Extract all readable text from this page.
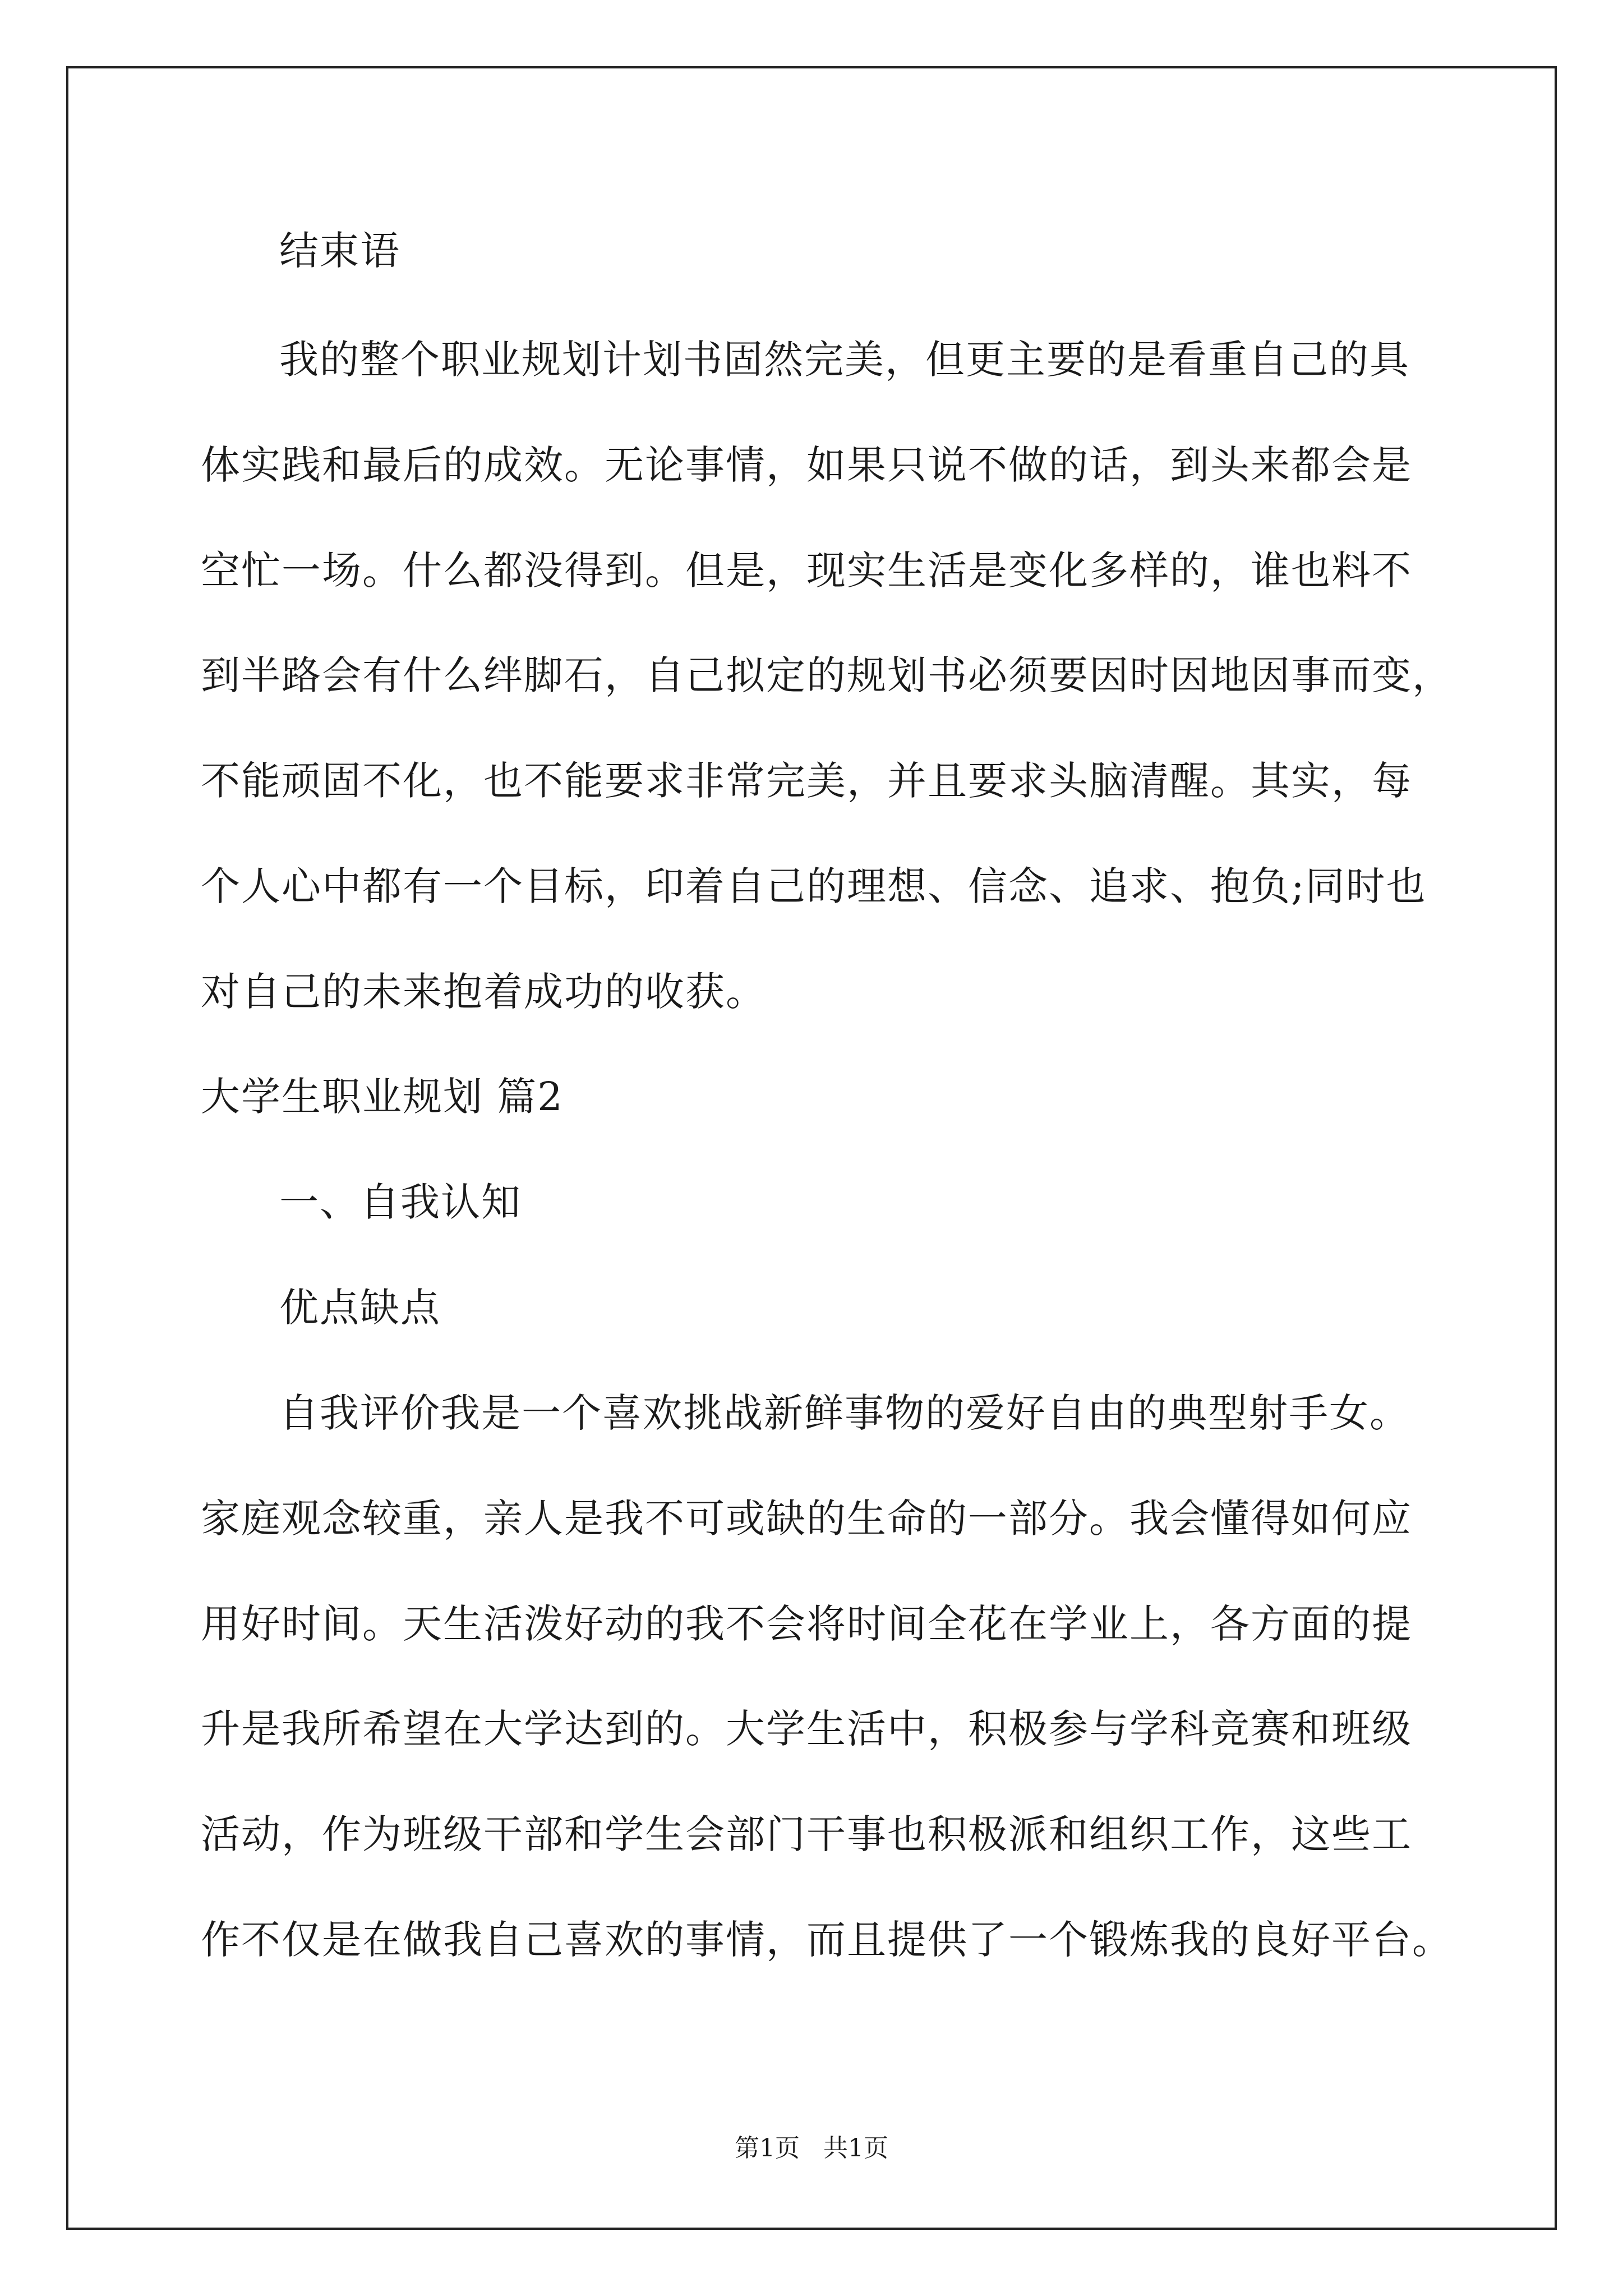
结束语
我的整个职业规划计划书固然完美，但更主要的是看重自己的具
体实践和最后的成效。无论事情，如果只说不做的话，到头来都会是
空忙一场。什么都没得到。但是，现实生活是变化多样的，谁也料不
到半路会有什么绊脚石，自己拟定的规划书必须要因时因地因事而变，
不能顽固不化，也不能要求非常完美，并且要求头脑清醒。其实，每
个人心中都有一个目标，印着自己的理想、信念、追求、抱负;同时也
对自己的未来抱着成功的收获。
大学生职业规划 篇2
一、自我认知
优点缺点
自我评价我是一个喜欢挑战新鲜事物的爱好自由的典型射手女。
家庭观念较重，亲人是我不可或缺的生命的一部分。我会懂得如何应
用好时间。天生活泼好动的我不会将时间全花在学业上，各方面的提
升是我所希望在大学达到的。大学生活中，积极参与学科竞赛和班级
活动，作为班级干部和学生会部门干事也积极派和组织工作，这些工
作不仅是在做我自己喜欢的事情，而且提供了一个锻炼我的良好平台。
第1页   共1页
